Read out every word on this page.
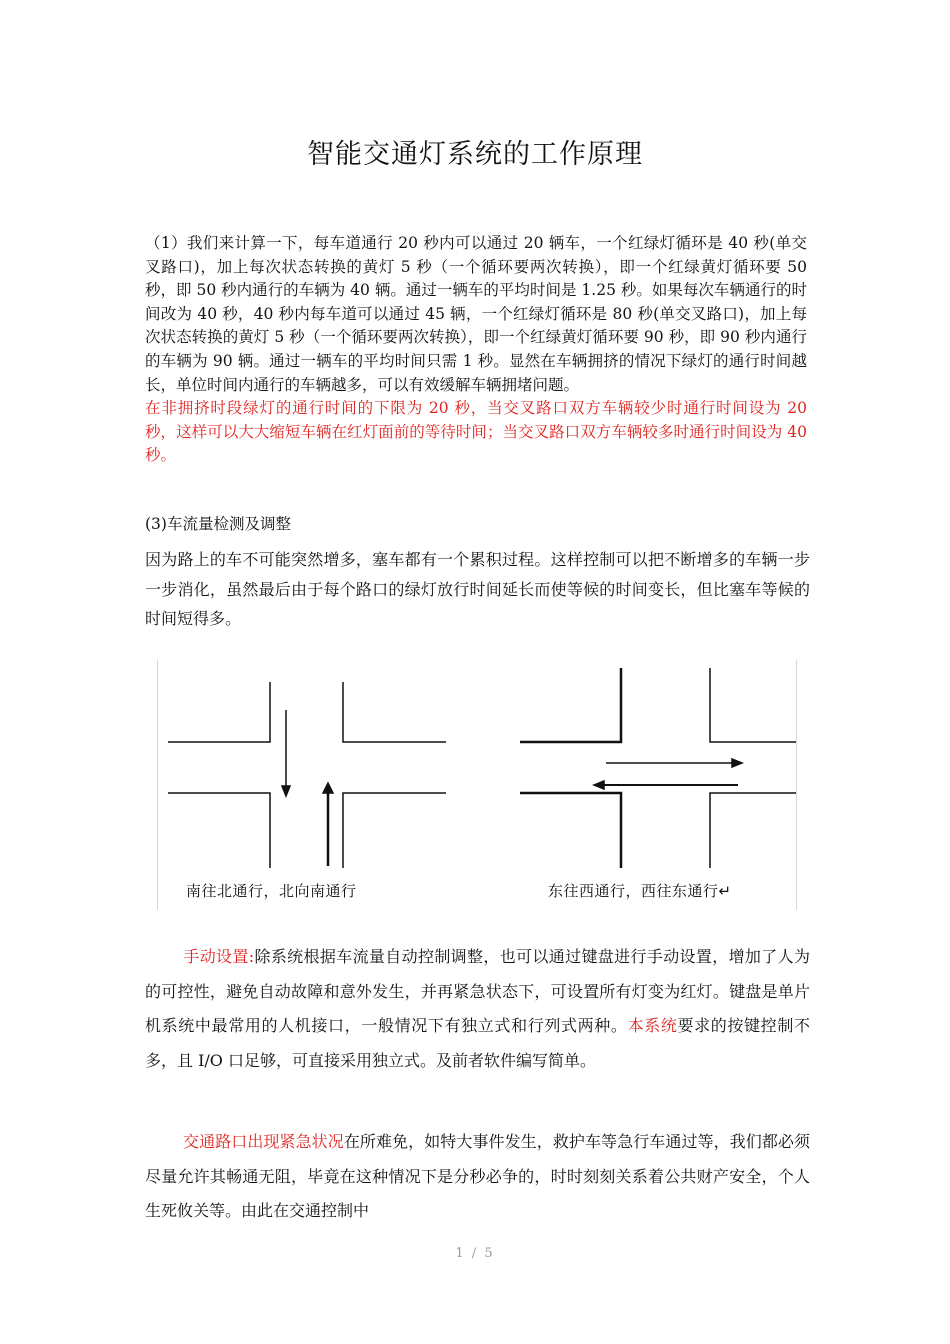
智能交通灯系统的工作原理
（1）我们来计算一下，每车道通行 20 秒内可以通过 20 辆车，一个红绿灯循环是 40 秒(单交叉路口)，加上每次状态转换的黄灯 5 秒（一个循环要两次转换），即一个红绿黄灯循环要 50 秒，即 50 秒内通行的车辆为 40 辆。通过一辆车的平均时间是 1.25 秒。如果每次车辆通行的时间改为 40 秒，40 秒内每车道可以通过 45 辆，一个红绿灯循环是 80 秒(单交叉路口)，加上每次状态转换的黄灯 5 秒（一个循环要两次转换），即一个红绿黄灯循环要 90 秒，即 90 秒内通行的车辆为 90 辆。通过一辆车的平均时间只需 1 秒。显然在车辆拥挤的情况下绿灯的通行时间越长，单位时间内通行的车辆越多，可以有效缓解车辆拥堵问题。
在非拥挤时段绿灯的通行时间的下限为 20 秒，当交叉路口双方车辆较少时通行时间设为 20 秒，这样可以大大缩短车辆在红灯面前的等待时间；当交叉路口双方车辆较多时通行时间设为 40 秒。
(3)车流量检测及调整
因为路上的车不可能突然增多，塞车都有一个累积过程。这样控制可以把不断增多的车辆一步一步消化，虽然最后由于每个路口的绿灯放行时间延长而使等候的时间变长，但比塞车等候的时间短得多。
南往北通行，北向南通行	东往西通行，西往东通行↵
手动设置:除系统根据车流量自动控制调整，也可以通过键盘进行手动设置，增加了人为的可控性，避免自动故障和意外发生，并再紧急状态下，可设置所有灯变为红灯。键盘是单片机系统中最常用的人机接口，一般情况下有独立式和行列式两种。本系统要求的按键控制不多，且 I/O 口足够，可直接采用独立式。及前者软件编写简单。
交通路口出现紧急状况在所难免，如特大事件发生，救护车等急行车通过等，我们都必须尽量允许其畅通无阻，毕竟在这种情况下是分秒必争的，时时刻刻关系着公共财产安全，个人生死攸关等。由此在交通控制中
1 / 5
